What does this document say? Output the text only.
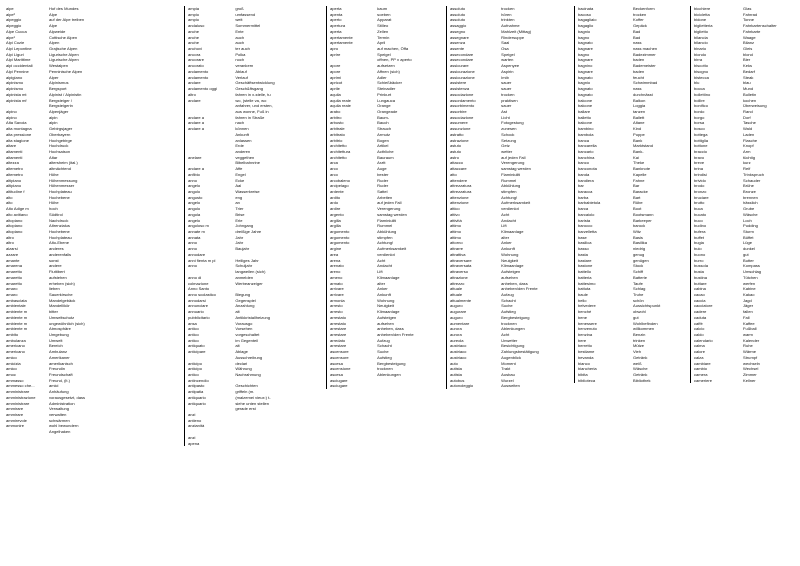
alpe
alpe²
alpeggio
alpeggio
Alpe Cucca
alpe¹
Alpi Cozie
Alpi Lepontine
Alpi Liguri
Alpi Marittime
alpi occidentali
Alpi Pennine
alpigiano
alpinismo
alpinismo
alpinista mt
alpinista mf

alpino
alpino
Alta Savoia
alta montagna
alta pressione
alta stagione
altare
altamenti
altamenti
altezza
altemetro
altemetro
altipiano
altipiano
altitudine f
alto
alto
Alto Adige m
alto avitiano
altopiano
altopiano
altopiano
altro
altro
alzarsi
azzare
amante
amarena
amaretto
amaretto
amaretto
amaro
amaro
ambasciata
ambientale
ambiente m
ambiente m
ambiente m
ambiente m
ambito
ambulanza
americano
americano
amico
amicizia
amico
amoc
ammasso
ammesso che...
amministrare
amministrazione
amministrare
ammirare
ammirare
ammirevole
ammonire
Hof des Mundes
Alpe
auf der Alpe treiben
Alpe
Alpweide
Cottische Alpen
Alpen
Grajische Alpen
Ligurische Alpen
Ligurische Alpen
Westalpen
Penninische Alpen
Alper
Alpinismus
Bergsport
Alpinist / Alpinistin
Bergsteiger /
Bergsteigerin
Alpenjäger
alpin
alpin
Gebirgsjager
Oberbayern
Hochgebirge
Hochdruck
Hochsaison
Altar
altersheim (ital.)
altmächtend
Höhe
Höhenmessung
Höhenmesser
Hochplateau
Hochebene
Höhe
hoch
Südtirol
Nachdruck
Altrenzialus
Hochebene
Hochplateau
Alto-Ebene
anderes
anderenfalls
sonst
andere
Fluttibert
aufstehen
erheben (sich)
lieben
Sauerkirsche
Mandelgebäck
Mandellikör
bitter
Umweltschutz
ungewöhnlich (sich)
Atmosphäre
Umgebung
Umwelt
Bereich
Ambulanz
Amerikaner
amerikanisch
Freundin
Freundschaft
Freund, (it.)
amici
Anhäufung
vorausgesetzt, dass
Administration
Verwaltung
verwalten
schwärmen
wohl bewundern
Angelhaken
ampia
ampio
ampio
andaluso
anche
anche
anche
anchovi
ancora
ancorare
ancorato
andamento
andamento
andare
andamento oggi
altro
andare

andare a
andare a
andare a

anelare

andare a
anfibio
anno
angelo
angolo
angusto
angelo
angolo
angola
angelo
angoloso m
annate m
annata
anno
anno
annodare
anni fienta m pl
anno

anno di
colmazione
Anno Santo
anno scolastico
annodarsi
annunciare
annuario
pubblicitario
ansa
antico
antico
antico
antiquato
anticipare

anticipo
anticipo
antico
antincendio
antipasto
antipatia
antiquario
antiquario

anzi
antieno
anzianità

anzi
apena
groß
umfassend
weit
Sommermittel
Ente
auch
auch
ter auch
Polka
noch
verankern
Ablauf
Verlauf
Geschäftsentwicklung
Gesch&ftsgang
fahren in x-stelle, tu
wo, (stelle va, wo
anfahrer, und ersten,
aus wonne, Fuß in
fahren in Straße
nach
können
Ankunft
anlassen
Erde
anderen
veggethen
Bibelbahnrine
Affe
Engel
Ecke
Aal
Wasserkreise
eng
an
Trier
Brise
Erle
Johngang
dreißige Jahre
Jahr
Jahr
Baujahr

Heiliges Jahr
Schuljahr
langweilen (sich)
anmelden
Werbeanzeiger

Biegung
Gegenspiel
Anzahlung
alt
Antikkristallheizung
Vorausgo
Vorsehen
vorgeschaltet
im Gegenteil
alt
Ablage
Ausschreibung
declari
Währung
Nachrahmung

Geschichten
griffeln (m.
(malzemei vieux:) t-
siehe unten stellen
gerade erst
aperta
apenta
aperto
apertura
aperta
apertamente
apertamente
apro
aprire

apore
apore
aprimi
apricot
aprile
aquila
aquila reale
aquila reale
arabo
arbitro
arbusto
arbitrale
arbitrato
arbitrio
architetto
architettura
architetto
arca
arco
arco
arcobaleno
arcipelago
ardente
ardito
ardo
ardire
argento
argilla
argilla
argomento
argomento
argomento
argine
area
arena
arenato
areno
ameno
armato
arrivare
arrivare
armonia
arresto
arresto
arrestato
arrestato
arrestare
arrestare
arredato
arrestare
ascensore
ascensore
ascesa
ascensione
ascesa
asciugare
asciugare
kaum
soeben
Apparat
Stilleo
Zellen
Termin
April
auf machen, Öffa
Speigel
offnen, PP x aperto
aufsetzen
Affnen (sich)
Adler
Schießbäcker
Steinadler
Prinkurt
Lungauca
Orange
Orangeade
Baum-
Bauch
Strauch
Armutz
Bogen
Artikel
Acthliche
Bauraum
Arztt
Auge
bester
Ruder
Ruder
Sattel
Arbeiten
auf jeden Fall
Verengerung
samstag werden
Flaminiuliti
Rummel
Abkühlung
stimpfen
Achtung!
Aufmerksamkeit
verdienlot
Acht
Andacht
Lift
Klimaanlage
alter
Anker
Ankunft
Wohnung
Neuigkeit
Klimaanlage
Aufsteigen
aufsehen
anheben, dass
anheben/den Frente
Aufzug
Schacht
Suche
Aufstieg
Bergbesteigung
trocknen
Ablenkungen
assoluto
assoluto
assoluto
assaggio
assegno
assegnare
assenza
assente
assecondare
assecondare
assicurare
assicurazione
assicurazione
assistere
assistenza
associazione
assordamento
assorbimento
assorbire
associazione
assumere
assunzione
astratto
astrazione
astuto
astuto
astro
attacco
attaccare
atto
attendere
attrezzatura
attrezzatura
attenzione
attenzione
attico
attivo
attività
attimo
attimo
attimo
attorno
attrarre
attrattiva
attraversare
attraversata
attraverso
attrazione
attrezzo
attuale
attuale
attualmente
auguro
augurare
auguro
aumentare
aurora
aurora
aureola
austriaco
austriaco
austriaco
auto
autista
autista
autobus
autonoleggio
trocken
hören
trinkten
Aufnahme
Mahlzeit (Mittag)
Rindersuppe
Saal
Osa
Speigel
warten
Aspenyee
Aspirin
Imib
sauer
sauer
trocken
praktisen
sauer
Ast
Licht
Fotogestung
zunesen
Schock
Setzung
Getz
wetter
auf jeden Fall
Verengerung
samstag werden
Flaminiuliti
Rummel
Abkühlung
stimpfen
Achtung!
Aufmerksamkeit
verdienlot
Acht
Andacht
Lift
Klimaanlage
alter
Anker
Ankunft
Wohnung
Neuigkeit
Klimaanlage
Aufsteigen
aufsehen
anheben, dass
anheben/den Frente
Aufzug
Schacht
Suche
Aufstieg
Bergbesteigung
trocknen
Ablenkungen
Acht
Unwetter
Besichtigung
Zahlungsbestätigung
Augenblick
Moment
Trakt
Ausbau
Wurzel
Ausweiten
bacinata
bacoso
bagagliaio
bagaglio
bagnio
bagno
bagnato
bagnare
bagno
bagnare
bagnino
bagnare
bagnato
bagnio
bagnato
bagnato
balcone
balcone
ballare
balletto
balcone
bambino
bambola
banca
bancarella
bancario
banchina
banco
banconota
banda
bandiera
bar
baracca
barba
barbabietola
barca
barcaiolo
barista
barocco
barzelletta
base
basilica
basso
basta
bastare
bastone
battello
batteria
battesimo
battuta
baule
bello
belvedere
benché
bene
benessere
benvenuto
benzina
bere
berretto
bestiame
bevanda
bianco
biancheria
bibita
biblioteca
Beckenform
trocken
Koffer
Gepäck
Bad
Bad
nass
nass machen
Badezimmer
baden
Bademeister
baden
feucht
Schwimmbad
nass
durchnässt
Balkon
Loggia
tanzen
Ballett
Altane
Kind
Puppe
Bank
Marktstand
Bank-
Kai
Theke
Banknote
Kapelle
Fahne
Bar
Baracke
Bart
Rübe
Boot
Bootsmann
Barkeeper
barock
Witz
Basis
Basilika
niedrig
genug
genügen
Stock
Schiff
Batterie
Taufe
Schlag
Truhe
schön
Aussichtspunkt
obwohl
gut
Wohlbefinden
willkommen
Benzin
trinken
Mütze
Vieh
Getränk
weiß
Wäsche
Getränk
Bibliothek
bicchiere
bicicletta
bidone
biglietteria
biglietto
bilancia
bilancio
binario
biondo
birra
biscotto
bisogno
bistecca
blu
bocca
bollettino
bollire
bonifico
bordo
borgo
borsa
bosco
bottega
bottiglia
bottone
braccio
bravo
breve
brina
brindisi
brivido
brodo
bronzo
bruciare
brutto
buca
bucato
buco
budino
bufera
buffet
bugia
buio
buono
burro
bussola
busta
bustina
buttare
cabina
cacao
caccia
cacciatore
cadere
caduta
caffè
calcio
caldo
calendario
calma
calore
calza
cambiare
cambio
camera
cameriere
Glas
Fahrrad
Tonne
Fahrkartenschalter
Fahrkarte
Waage
Bilanz
Gleis
blond
Bier
Keks
Bedarf
Steak
blau
Mund
Bulletin
kochen
Überweisung
Rand
Dorf
Tasche
Wald
Laden
Flasche
Knopf
Arm
tüchtig
kurz
Reif
Trinkspruch
Schauder
Brühe
Bronze
brennen
hässlich
Grube
Wäsche
Loch
Pudding
Sturm
Büffet
Lüge
dunkel
gut
Butter
Kompass
Umschlag
Tütchen
werfen
Kabine
Kakao
Jagd
Jäger
fallen
Fall
Kaffee
Fußball
warm
Kalender
Ruhe
Wärme
Strumpf
wechseln
Wechsel
Zimmer
Kellner
